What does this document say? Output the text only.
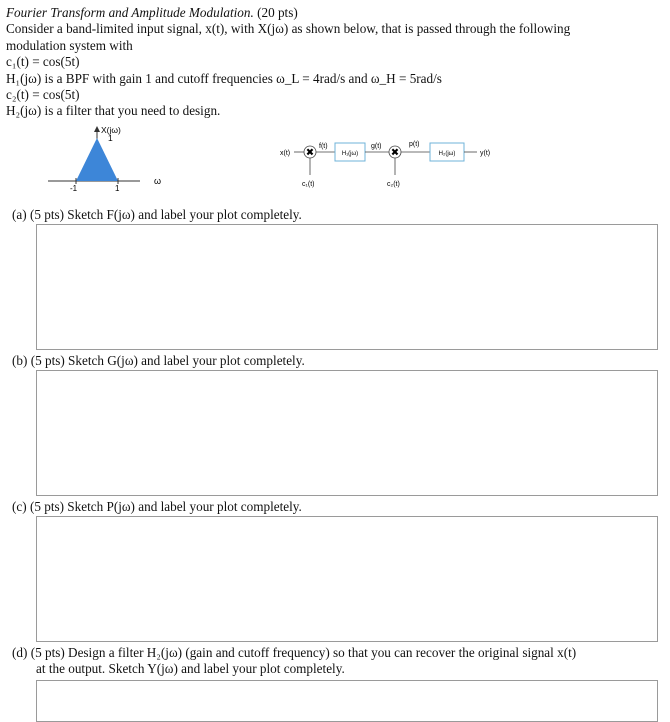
Fourier Transform and Amplitude Modulation. (20 pts)
Consider a band-limited input signal, x(t), with X(jω) as shown below, that is passed through the following
modulation system with
c₁(t) = cos(5t)
H₁(jω) is a BPF with gain 1 and cutoff frequencies ω_L = 4rad/s and ω_H = 5rad/s
c₂(t) = cos(5t)
H₂(jω) is a filter that you need to design.
X(jω)
1
ω
-1	1
x(t) ✖
c₁(t)
f(t)
H₁(jω)
g(t)
✖
c₂(t)
p(t)
H₂(jω)	y(t)
(a) (5 pts) Sketch F(jω) and label your plot completely.
(b) (5 pts) Sketch G(jω) and label your plot completely.
(c) (5 pts) Sketch P(jω) and label your plot completely.
(d) (5 pts) Design a filter H₂(jω) (gain and cutoff frequency) so that you can recover the original signal x(t)
at the output. Sketch Y(jω) and label your plot completely.
